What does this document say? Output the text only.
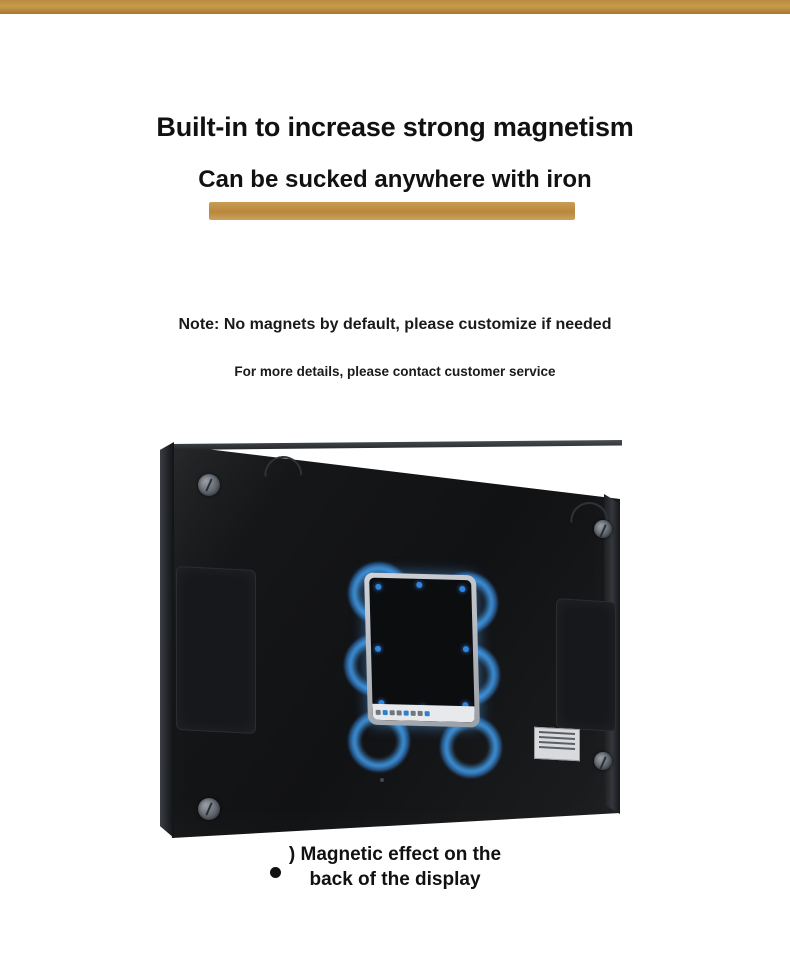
Built-in to increase strong magnetism
Can be sucked anywhere with iron
Note: No magnets by default, please customize if needed
For more details, please contact customer service
) Magnetic effect on the
back of the display
